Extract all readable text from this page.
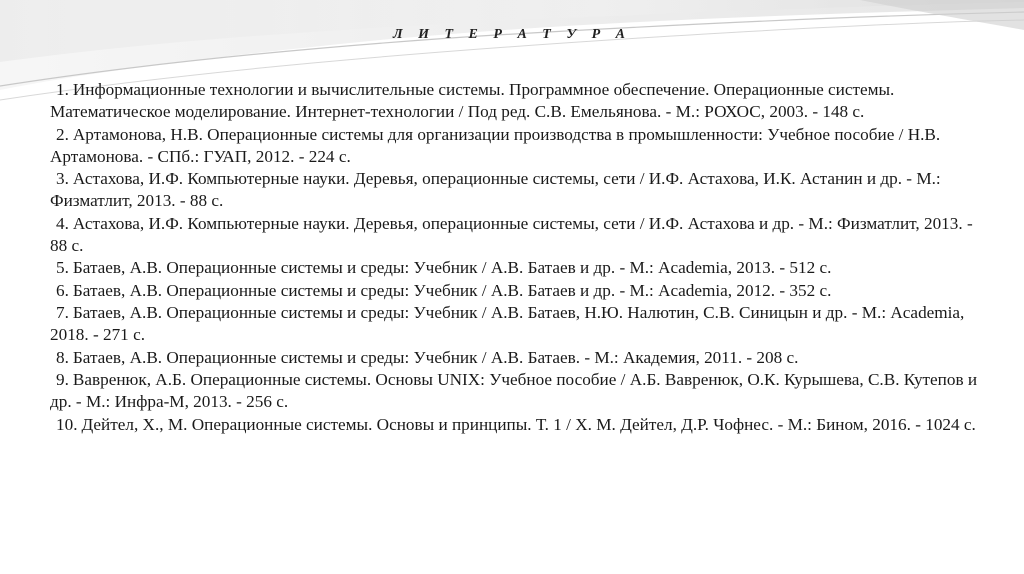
Л И Т Е Р А Т У Р А
1. Информационные технологии и вычислительные системы. Программное обеспечение. Операционные системы. Математическое моделирование. Интернет-технологии / Под ред. С.В. Емельянова. - М.: РОХОС, 2003. - 148 с.
2. Артамонова, Н.В. Операционные системы для организации производства в промышленности: Учебное пособие / Н.В. Артамонова. - СПб.: ГУАП, 2012. - 224 с.
3. Астахова, И.Ф. Компьютерные науки. Деревья, операционные системы, сети / И.Ф. Астахова, И.К. Астанин и др. - М.: Физматлит, 2013. - 88 с.
4. Астахова, И.Ф. Компьютерные науки. Деревья, операционные системы, сети / И.Ф. Астахова и др. - М.: Физматлит, 2013. - 88 с.
5. Батаев, А.В. Операционные системы и среды: Учебник / А.В. Батаев и др. - М.: Academia, 2013. - 512 с.
6. Батаев, А.В. Операционные системы и среды: Учебник / А.В. Батаев и др. - М.: Academia, 2012. - 352 с.
7. Батаев, А.В. Операционные системы и среды: Учебник / А.В. Батаев, Н.Ю. Налютин, С.В. Синицын и др. - М.: Academia, 2018. - 271 с.
8. Батаев, А.В. Операционные системы и среды: Учебник / А.В. Батаев. - М.: Академия, 2011. - 208 с.
9. Вавренюк, А.Б. Операционные системы. Основы UNIX: Учебное пособие / А.Б. Вавренюк, О.К. Курышева, С.В. Кутепов и др. - М.: Инфра-М, 2013. - 256 с.
10. Дейтел, Х., М. Операционные системы. Основы и принципы. Т. 1 / Х. М. Дейтел, Д.Р. Чофнес. - М.: Бином, 2016. - 1024 с.
